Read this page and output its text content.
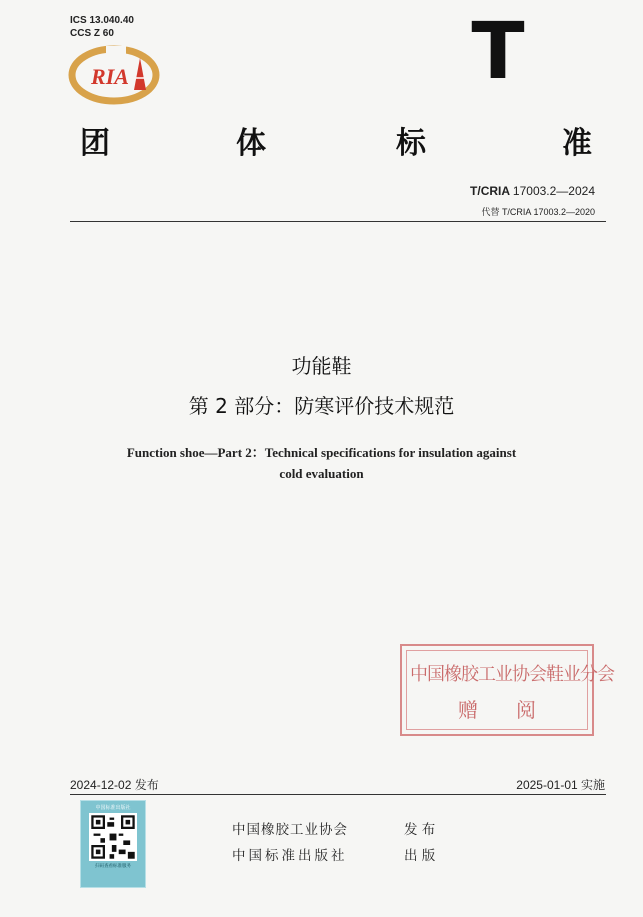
ICS 13.040.40
CCS Z 60
RIA	T
团	体	标	准
T/CRIA 17003.2—2024
代替 T/CRIA 17003.2—2020
功能鞋
第 2 部分：防寒评价技术规范
Function shoe—Part 2：Technical specifications for insulation against
cold evaluation
中国橡胶工业协会鞋业分会
赠 阅
2024-12-02 发布	2025-01-01 实施
中国标准出版社
扫码查看标准服务
中国橡胶工业协会	发 布
中国标准出版社	出 版
